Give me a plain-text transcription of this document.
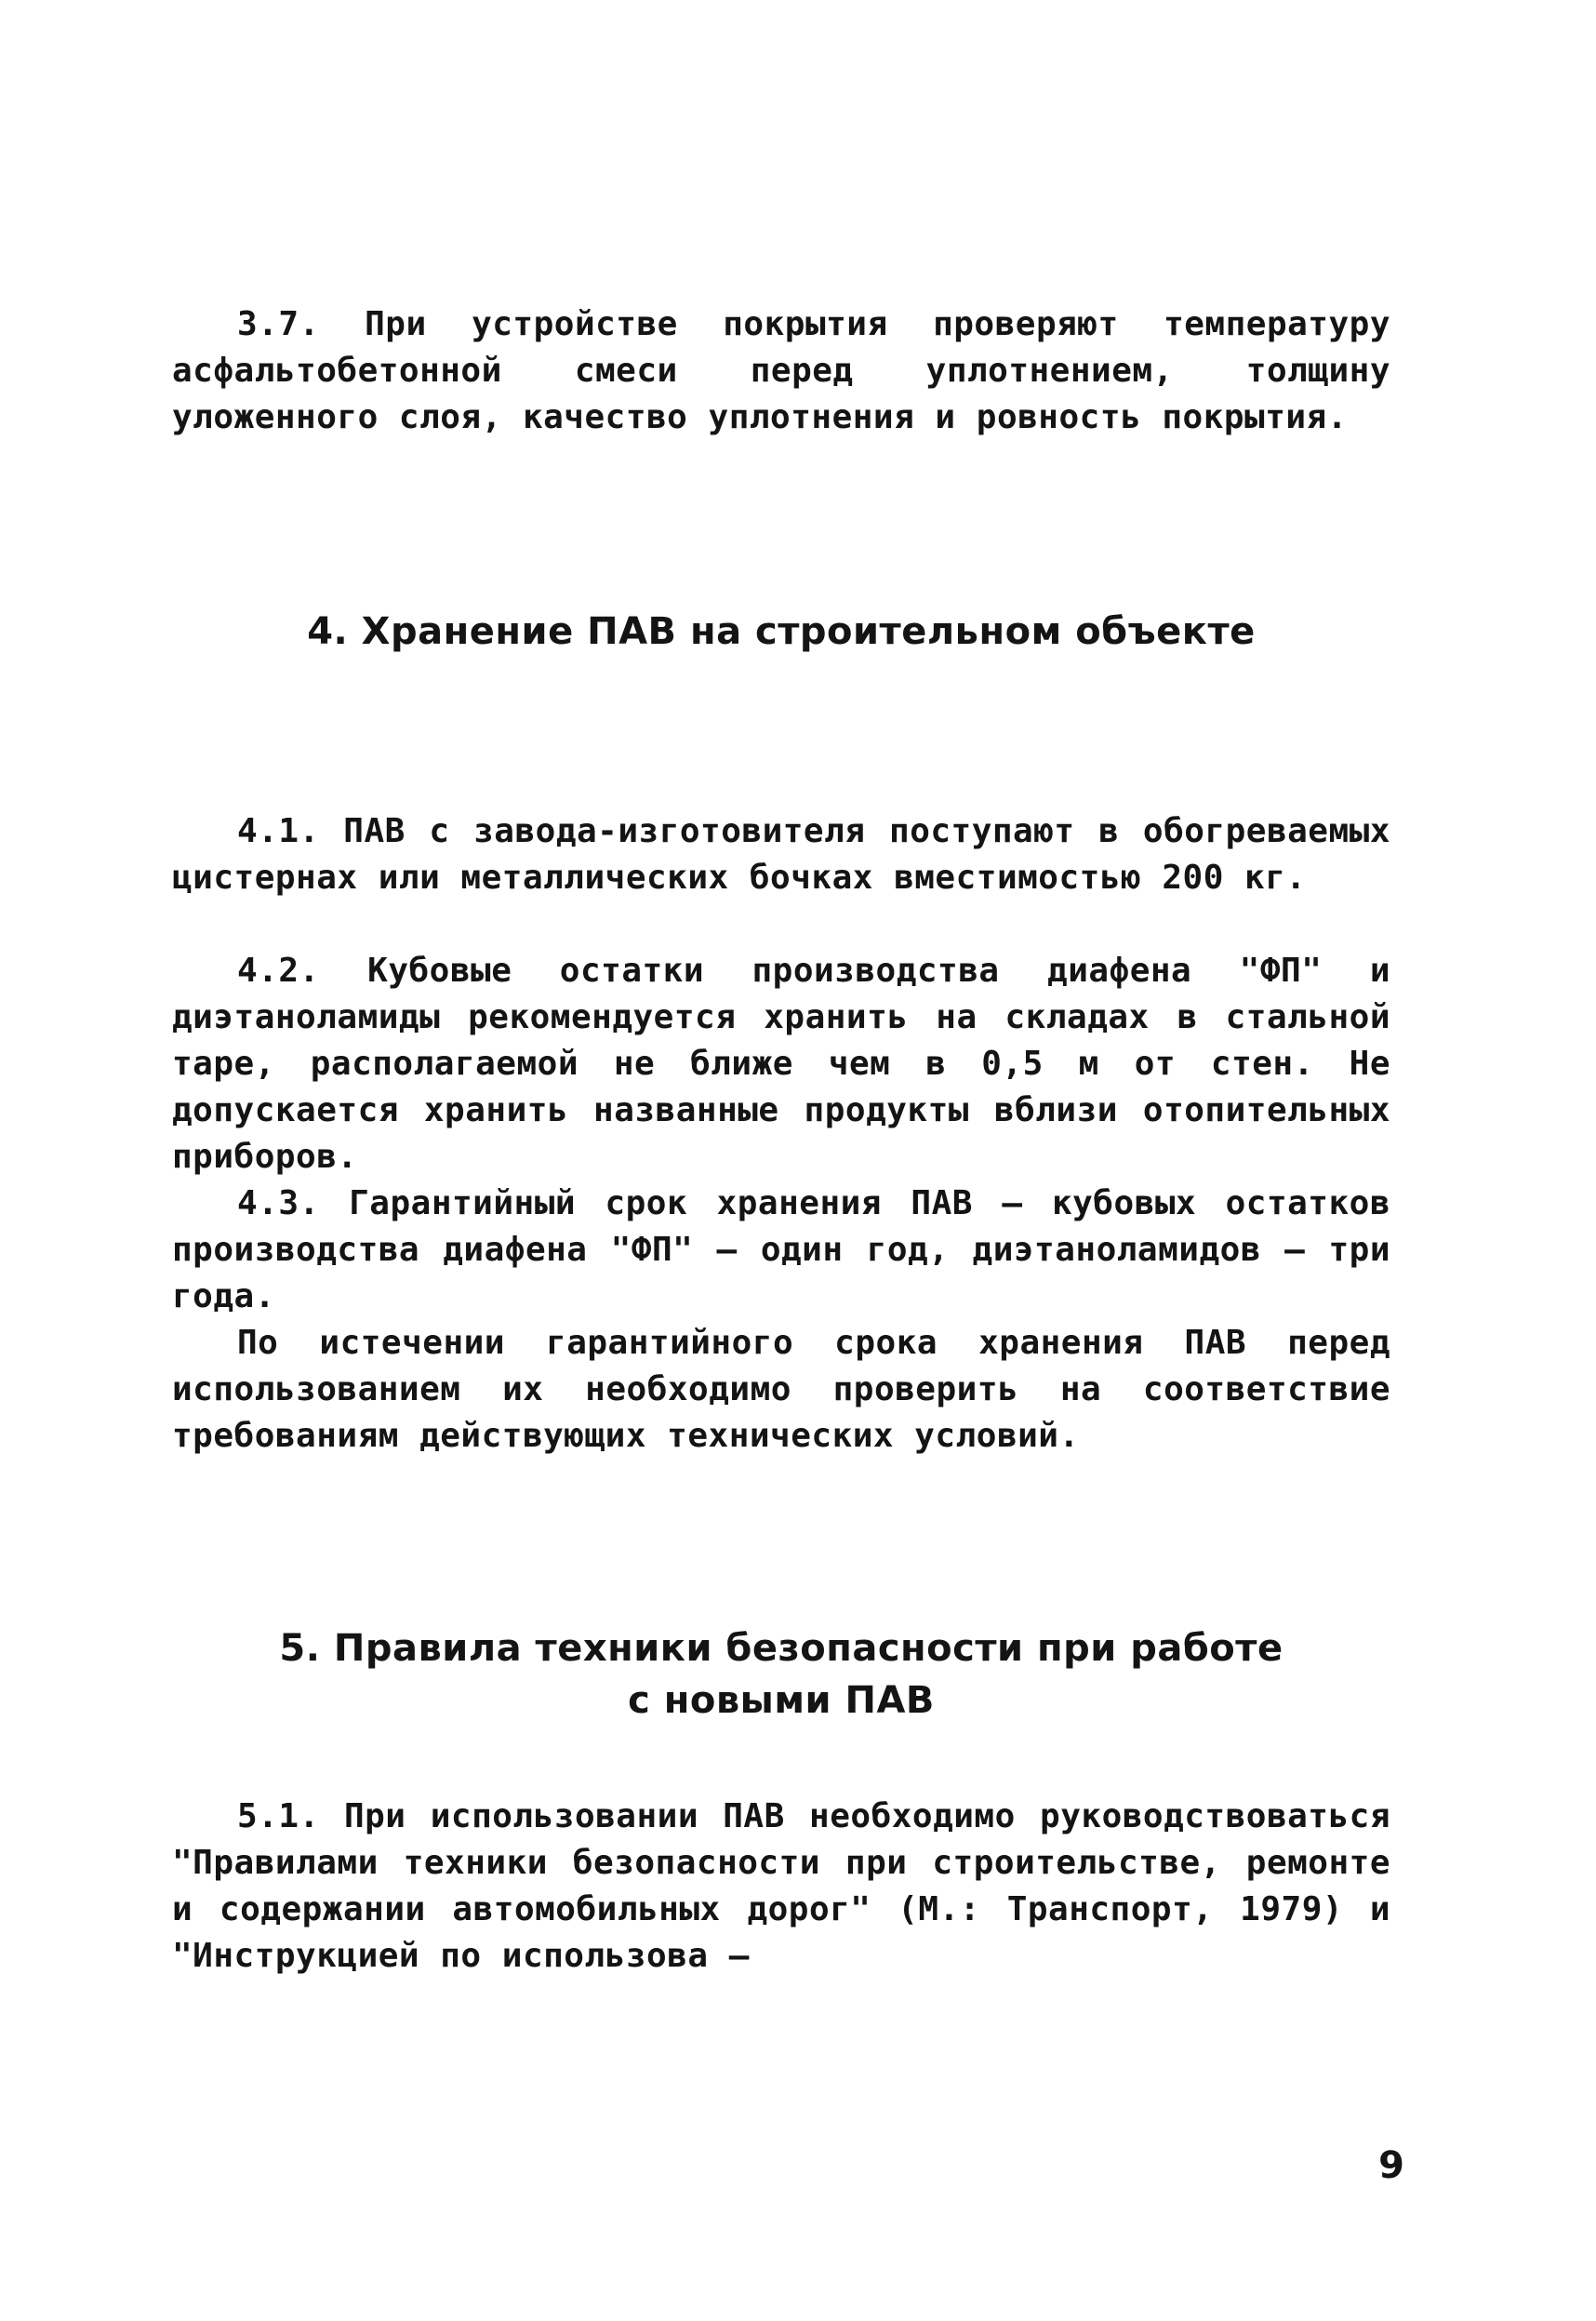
3.7. При устройстве покрытия проверяют температуру асфальтобетонной смеси перед уплотнением, толщину уложенного слоя, качество уплотнения и ровность покрытия.

4. Хранение ПАВ на строительном объекте

4.1. ПАВ с завода-изготовителя поступают в обогреваемых цистернах или металлических бочках вместимостью 200 кг.

4.2. Кубовые остатки производства диафена "ФП" и диэтаноламиды рекомендуется хранить на складах в стальной таре, располагаемой не ближе чем в 0,5 м от стен. Не допускается хранить названные продукты вблизи отопительных приборов.

4.3. Гарантийный срок хранения ПАВ – кубовых остатков производства диафена "ФП" – один год, диэтаноламидов – три года.

По истечении гарантийного срока хранения ПАВ перед использованием их необходимо проверить на соответствие требованиям действующих технических условий.

5. Правила техники безопасности при работе
с новыми ПАВ

5.1. При использовании ПАВ необходимо руководствоваться "Правилами техники безопасности при строительстве, ремонте и содержании автомобильных дорог" (М.: Транспорт, 1979) и "Инструкцией по использова –

9
